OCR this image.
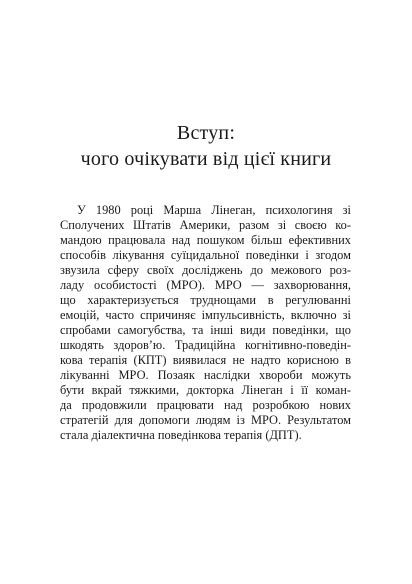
Вступ:
чого очікувати від цієї книги
У 1980 році Марша Лінеган, психологиня зі
Сполучених Штатів Америки, разом зі своєю ко-
мандою працювала над пошуком більш ефективних
способів лікування суїцидальної поведінки і згодом
звузила сферу своїх досліджень до межового роз-
ладу особистості (МРО). МРО — захворювання,
що характеризується труднощами в регулюванні
емоцій, часто спричиняє імпульсивність, включно зі
спробами самогубства, та інші види поведінки, що
шкодять здоров’ю. Традиційна когнітивно-поведін-
кова терапія (КПТ) виявилася не надто корисною в
лікуванні МРО. Позаяк наслідки хвороби можуть
бути вкрай тяжкими, докторка Лінеган і її коман-
да продовжили працювати над розробкою нових
стратегій для допомоги людям із МРО. Результатом
стала діалектична поведінкова терапія (ДПТ).
